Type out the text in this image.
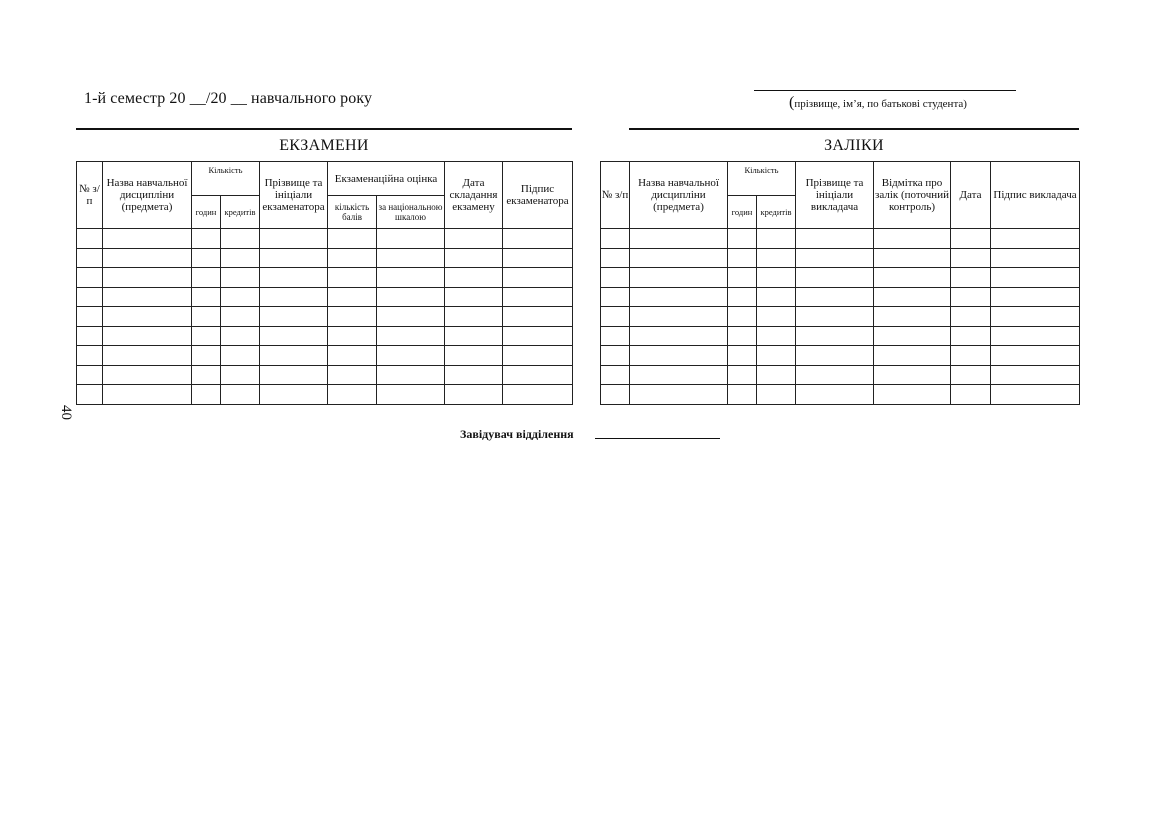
1-й семестр 20 __/20 __ навчального року	(прізвище, ім’я, по батькові студента)
ЕКЗАМЕНИ
№ з/п	Назва навчальної дисципліни (предмета)	Кількість		Прізвище та ініціали екзаменатора	Екзаменаційна оцінка		Дата складання екзамену	Підпис екзаменатора
		годин	кредитів		кількість балів	за національною шкалою		

ЗАЛІКИ
№ з/п	Назва навчальної дисципліни (предмета)	Кількість		Прізвище та ініціали викладача	Відмітка про залік (поточний контроль)	Дата	Підпис викладача
		годин	кредитів				

40
Завідувач відділення
